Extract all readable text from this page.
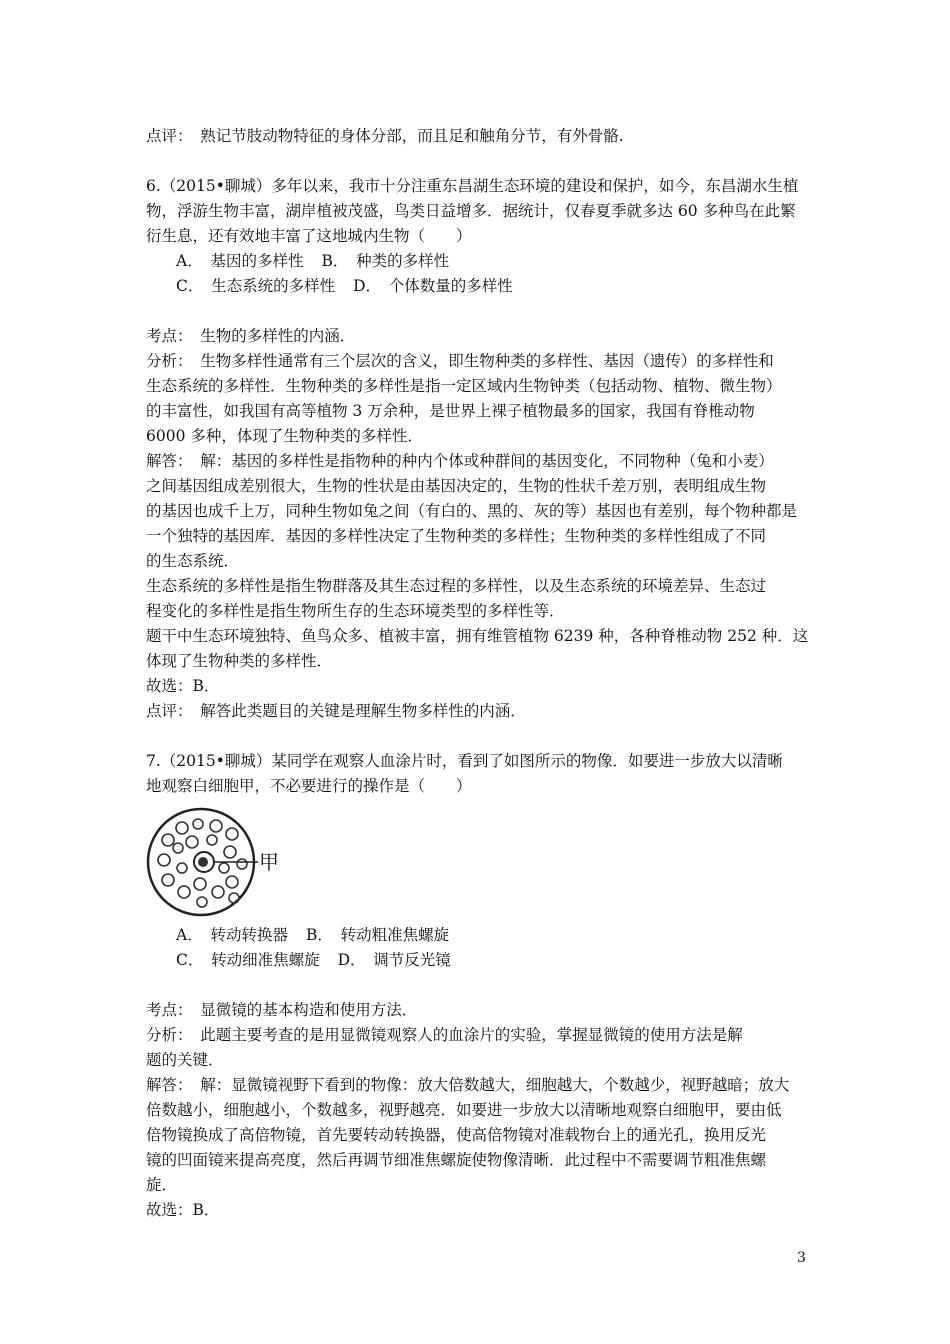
点评：　熟记节肢动物特征的身体分部，而且足和触角分节，有外骨骼.
6.（2015•聊城）多年以来，我市十分注重东昌湖生态环境的建设和保护，如今，东昌湖水生植
物，浮游生物丰富，湖岸植被茂盛，鸟类日益增多．据统计，仅春夏季就多达 60 多种鸟在此繁
衍生息，还有效地丰富了这地城内生物（　　）
A．　基因的多样性 B．　种类的多样性
C．　生态系统的多样性 D．　个体数量的多样性
考点：　生物的多样性的内涵．
分析：　生物多样性通常有三个层次的含义，即生物种类的多样性、基因（遗传）的多样性和
生态系统的多样性．生物种类的多样性是指一定区域内生物钟类（包括动物、植物、微生物）
的丰富性，如我国有高等植物 3 万余种，是世界上裸子植物最多的国家，我国有脊椎动物
6000 多种，体现了生物种类的多样性．
解答：　解：基因的多样性是指物种的种内个体或种群间的基因变化，不同物种（兔和小麦）
之间基因组成差别很大，生物的性状是由基因决定的，生物的性状千差万别，表明组成生物
的基因也成千上万，同种生物如兔之间（有白的、黑的、灰的等）基因也有差别，每个物种都是
一个独特的基因库．基因的多样性决定了生物种类的多样性；生物种类的多样性组成了不同
的生态系统．
生态系统的多样性是指生物群落及其生态过程的多样性，以及生态系统的环境差异、生态过
程变化的多样性是指生物所生存的生态环境类型的多样性等．
题干中生态环境独特、鱼鸟众多、植被丰富，拥有维管植物 6239 种，各种脊椎动物 252 种．这
体现了生物种类的多样性．
故选：B．
点评：　解答此类题目的关键是理解生物多样性的内涵．
7.（2015•聊城）某同学在观察人血涂片时，看到了如图所示的物像．如要进一步放大以清晰
地观察白细胞甲，不必要进行的操作是（　　）
甲
A．　转动转换器 B．　转动粗准焦螺旋
C．　转动细准焦螺旋 D．　调节反光镜
考点：　显微镜的基本构造和使用方法．
分析：　此题主要考查的是用显微镜观察人的血涂片的实验，掌握显微镜的使用方法是解
题的关键．
解答：　解：显微镜视野下看到的物像：放大倍数越大，细胞越大，个数越少，视野越暗；放大
倍数越小，细胞越小，个数越多，视野越亮．如要进一步放大以清晰地观察白细胞甲，要由低
倍物镜换成了高倍物镜，首先要转动转换器，使高倍物镜对准载物台上的通光孔，换用反光
镜的凹面镜来提高亮度，然后再调节细准焦螺旋使物像清晰．此过程中不需要调节粗准焦螺
旋．
故选：B．
3
